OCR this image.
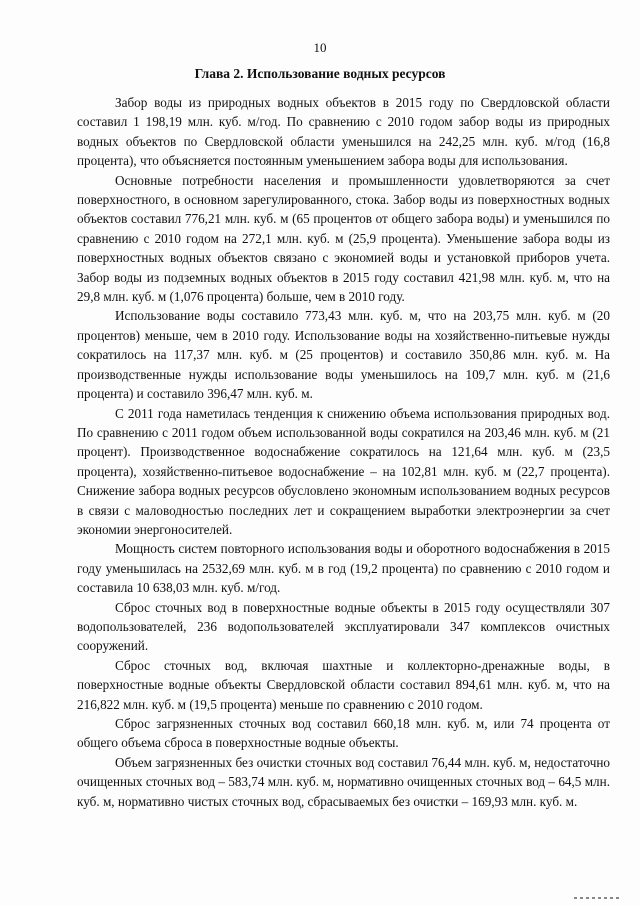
10
Глава 2. Использование водных ресурсов

Забор воды из природных водных объектов в 2015 году по Свердловской области составил 1 198,19 млн. куб. м/год. По сравнению с 2010 годом забор воды из природных водных объектов по Свердловской области уменьшился на 242,25 млн. куб. м/год (16,8 процента), что объясняется постоянным уменьшением забора воды для использования.

Основные потребности населения и промышленности удовлетворяются за счет поверхностного, в основном зарегулированного, стока. Забор воды из поверхностных водных объектов составил 776,21 млн. куб. м (65 процентов от общего забора воды) и уменьшился по сравнению с 2010 годом на 272,1 млн. куб. м (25,9 процента). Уменьшение забора воды из поверхностных водных объектов связано с экономией воды и установкой приборов учета. Забор воды из подземных водных объектов в 2015 году составил 421,98 млн. куб. м, что на 29,8 млн. куб. м (1,076 процента) больше, чем в 2010 году.

Использование воды составило 773,43 млн. куб. м, что на 203,75 млн. куб. м (20 процентов) меньше, чем в 2010 году. Использование воды на хозяйственно-питьевые нужды сократилось на 117,37 млн. куб. м (25 процентов) и составило 350,86 млн. куб. м. На производственные нужды использование воды уменьшилось на 109,7 млн. куб. м (21,6 процента) и составило 396,47 млн. куб. м.

С 2011 года наметилась тенденция к снижению объема использования природных вод. По сравнению с 2011 годом объем использованной воды сократился на 203,46 млн. куб. м (21 процент). Производственное водоснабжение сократилось на 121,64 млн. куб. м (23,5 процента), хозяйственно-питьевое водоснабжение – на 102,81 млн. куб. м (22,7 процента). Снижение забора водных ресурсов обусловлено экономным использованием водных ресурсов в связи с маловодностью последних лет и сокращением выработки электроэнергии за счет экономии энергоносителей.

Мощность систем повторного использования воды и оборотного водоснабжения в 2015 году уменьшилась на 2532,69 млн. куб. м в год (19,2 процента) по сравнению с 2010 годом и составила 10 638,03 млн. куб. м/год.

Сброс сточных вод в поверхностные водные объекты в 2015 году осуществляли 307 водопользователей, 236 водопользователей эксплуатировали 347 комплексов очистных сооружений.

Сброс сточных вод, включая шахтные и коллекторно-дренажные воды, в поверхностные водные объекты Свердловской области составил 894,61 млн. куб. м, что на 216,822 млн. куб. м (19,5 процента) меньше по сравнению с 2010 годом.

Сброс загрязненных сточных вод составил 660,18 млн. куб. м, или 74 процента от общего объема сброса в поверхностные водные объекты.

Объем загрязненных без очистки сточных вод составил 76,44 млн. куб. м, недостаточно очищенных сточных вод – 583,74 млн. куб. м, нормативно очищенных сточных вод – 64,5 млн. куб. м, нормативно чистых сточных вод, сбрасываемых без очистки – 169,93 млн. куб. м.
